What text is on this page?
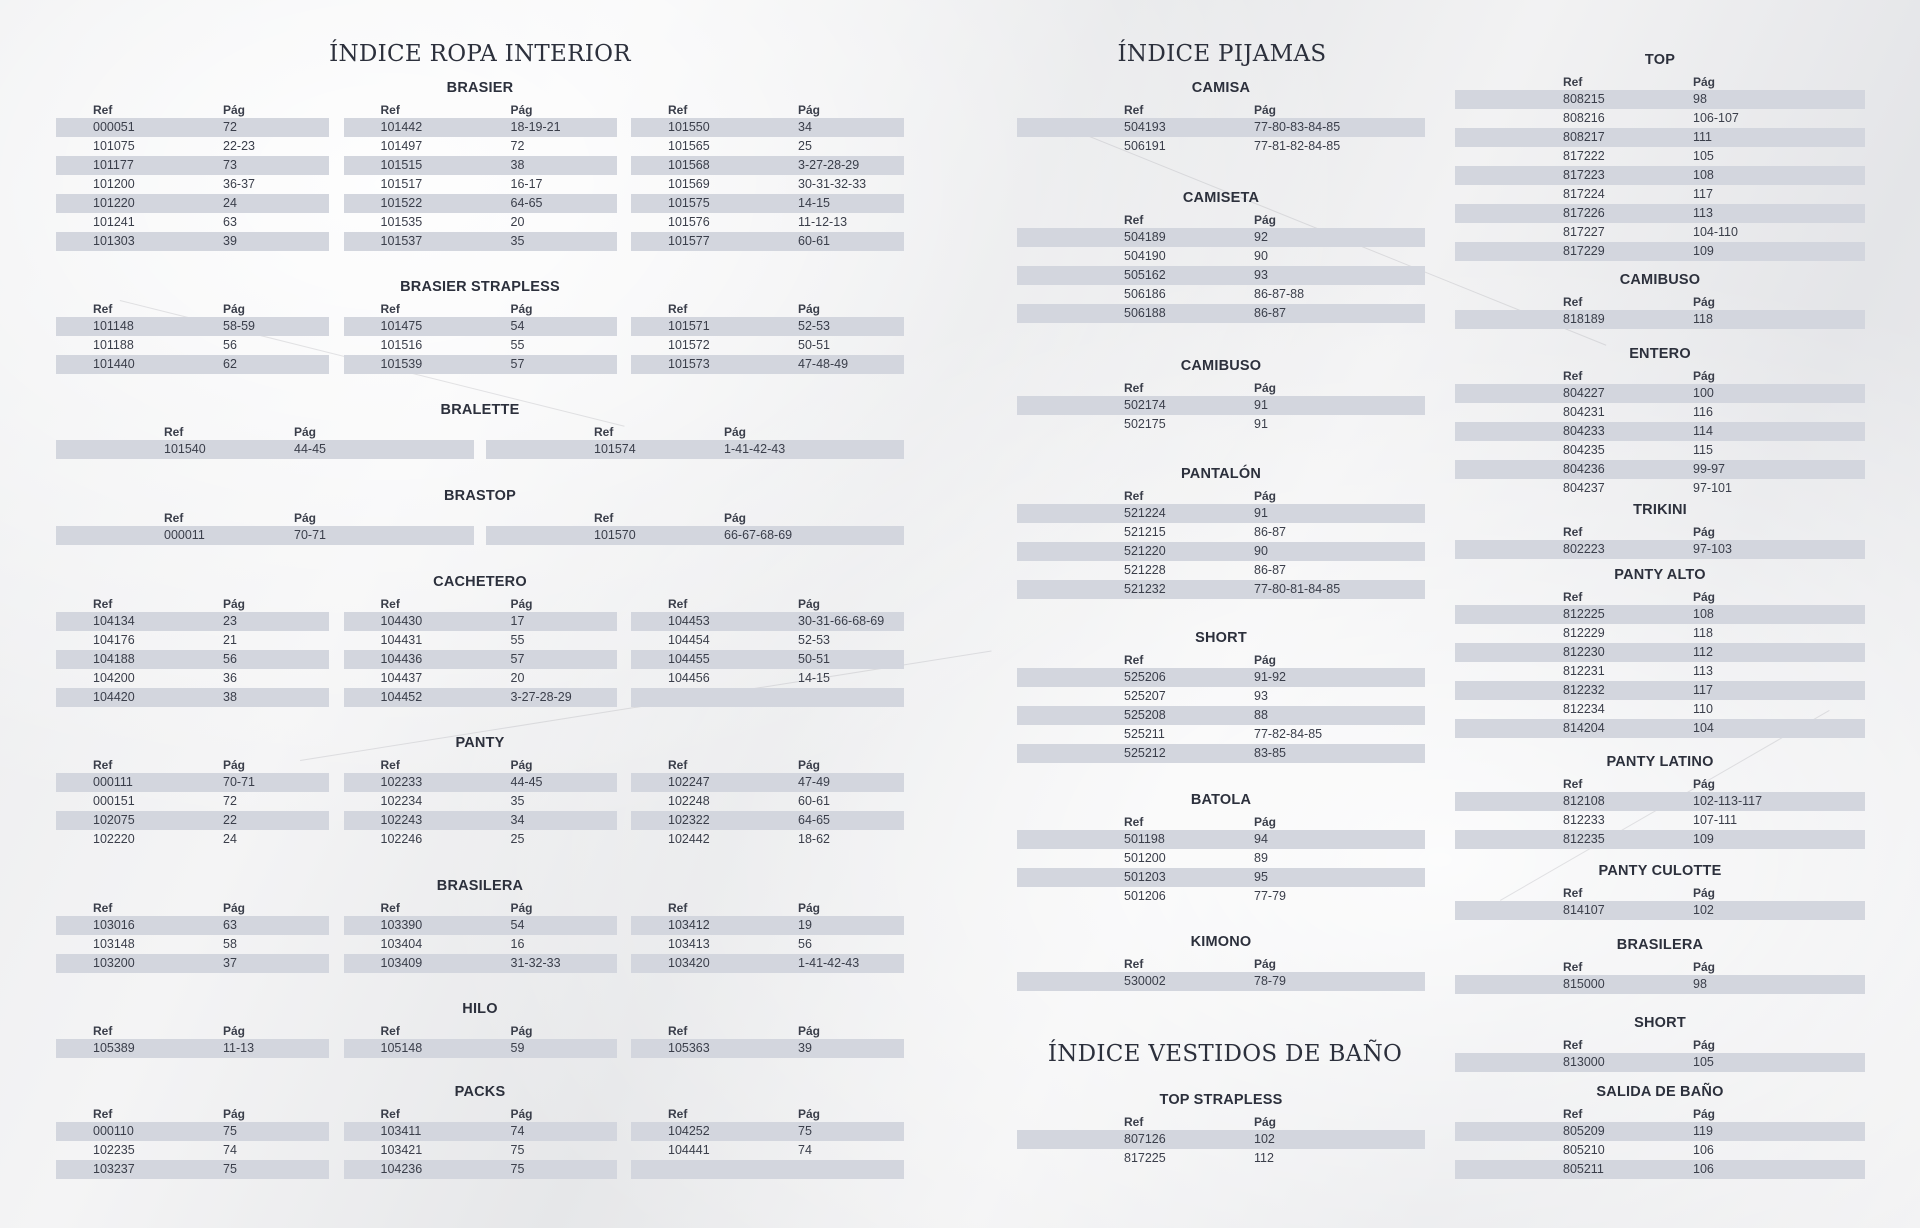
ÍNDICE ROPA INTERIOR	ÍNDICE PIJAMAS
ÍNDICE VESTIDOS DE BAÑO
BRASIER
Ref	Pág
000051	72
101075	22-23
101177	73
101200	36-37
101220	24
101241	63
101303	39
Ref	Pág
101442	18-19-21
101497	72
101515	38
101517	16-17
101522	64-65
101535	20
101537	35
Ref	Pág
101550	34
101565	25
101568	3-27-28-29
101569	30-31-32-33
101575	14-15
101576	11-12-13
101577	60-61
BRASIER STRAPLESS
Ref	Pág
101148	58-59
101188	56
101440	62
Ref	Pág
101475	54
101516	55
101539	57
Ref	Pág
101571	52-53
101572	50-51
101573	47-48-49
BRALETTE
Ref	Pág
101540	44-45
Ref	Pág
101574	1-41-42-43
BRASTOP
Ref	Pág
000011	70-71
Ref	Pág
101570	66-67-68-69
CACHETERO
Ref	Pág
104134	23
104176	21
104188	56
104200	36
104420	38
Ref	Pág
104430	17
104431	55
104436	57
104437	20
104452	3-27-28-29
Ref	Pág
104453	30-31-66-68-69
104454	52-53
104455	50-51
104456	14-15
PANTY
Ref	Pág
000111	70-71
000151	72
102075	22
102220	24
Ref	Pág
102233	44-45
102234	35
102243	34
102246	25
Ref	Pág
102247	47-49
102248	60-61
102322	64-65
102442	18-62
BRASILERA
Ref	Pág
103016	63
103148	58
103200	37
Ref	Pág
103390	54
103404	16
103409	31-32-33
Ref	Pág
103412	19
103413	56
103420	1-41-42-43
HILO
Ref	Pág
105389	11-13
Ref	Pág
105148	59
Ref	Pág
105363	39
PACKS
Ref	Pág
000110	75
102235	74
103237	75
Ref	Pág
103411	74
103421	75
104236	75
Ref	Pág
104252	75
104441	74
CAMISA
Ref	Pág
504193	77-80-83-84-85
506191	77-81-82-84-85
CAMISETA
Ref	Pág
504189	92
504190	90
505162	93
506186	86-87-88
506188	86-87
CAMIBUSO
Ref	Pág
502174	91
502175	91
PANTALÓN
Ref	Pág
521224	91
521215	86-87
521220	90
521228	86-87
521232	77-80-81-84-85
SHORT
Ref	Pág
525206	91-92
525207	93
525208	88
525211	77-82-84-85
525212	83-85
BATOLA
Ref	Pág
501198	94
501200	89
501203	95
501206	77-79
KIMONO
Ref	Pág
530002	78-79
TOP STRAPLESS
Ref	Pág
807126	102
817225	112
TOP
Ref	Pág
808215	98
808216	106-107
808217	111
817222	105
817223	108
817224	117
817226	113
817227	104-110
817229	109
CAMIBUSO
Ref	Pág
818189	118
ENTERO
Ref	Pág
804227	100
804231	116
804233	114
804235	115
804236	99-97
804237	97-101
TRIKINI
Ref	Pág
802223	97-103
PANTY ALTO
Ref	Pág
812225	108
812229	118
812230	112
812231	113
812232	117
812234	110
814204	104
PANTY LATINO
Ref	Pág
812108	102-113-117
812233	107-111
812235	109
PANTY CULOTTE
Ref	Pág
814107	102
BRASILERA
Ref	Pág
815000	98
SHORT
Ref	Pág
813000	105
SALIDA DE BAÑO
Ref	Pág
805209	119
805210	106
805211	106
